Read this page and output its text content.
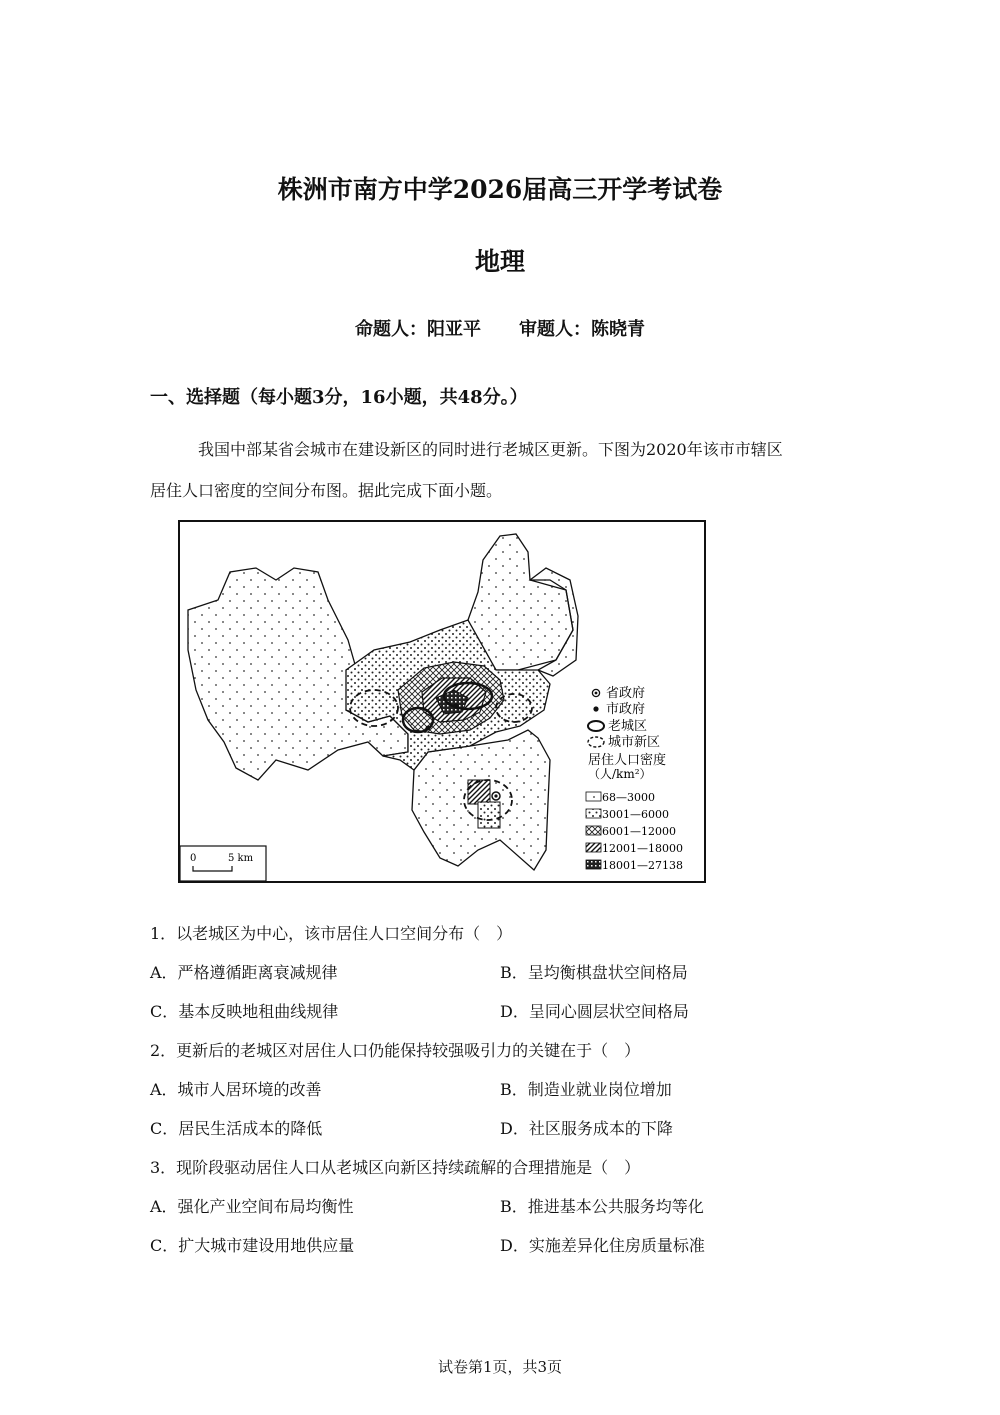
株洲市南方中学2026届高三开学考试卷
地理
命题人：阳亚平 审题人：陈晓青
一、选择题（每小题3分，16小题，共48分。）
我国中部某省会城市在建设新区的同时进行老城区更新。下图为2020年该市市辖区
居住人口密度的空间分布图。据此完成下面小题。
省政府
市政府
老城区
城市新区
居住人口密度
（人/km²）
68—3000
3001—6000
6001—12000
12001—18000
18001—27138
0	5 km
1．以老城区为中心，该市居住人口空间分布（　）
A．严格遵循距离衰减规律	B．呈均衡棋盘状空间格局
C．基本反映地租曲线规律	D．呈同心圆层状空间格局
2．更新后的老城区对居住人口仍能保持较强吸引力的关键在于（　）
A．城市人居环境的改善	B．制造业就业岗位增加
C．居民生活成本的降低	D．社区服务成本的下降
3．现阶段驱动居住人口从老城区向新区持续疏解的合理措施是（　）
A．强化产业空间布局均衡性	B．推进基本公共服务均等化
C．扩大城市建设用地供应量	D．实施差异化住房质量标准
试卷第1页，共3页
